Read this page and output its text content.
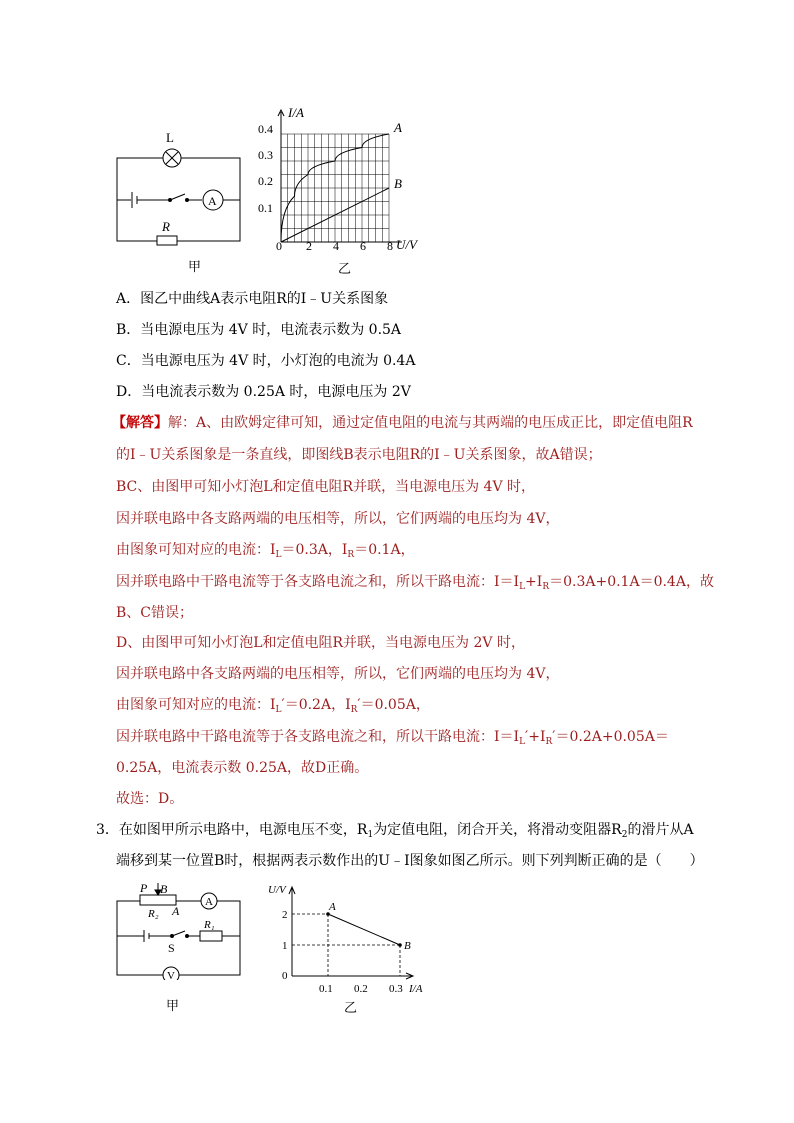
L
A
R
甲
I/A
U/V
0.4
0.3
0.2
0.1
0 2 4 6 8
A
B
乙
A．图乙中曲线A表示电阻R的I﹣U关系图象
B．当电源电压为 4V 时，电流表示数为 0.5A
C．当电源电压为 4V 时，小灯泡的电流为 0.4A
D．当电流表示数为 0.25A 时，电源电压为 2V
【解答】解：A、由欧姆定律可知，通过定值电阻的电流与其两端的电压成正比，即定值电阻R
的I﹣U关系图象是一条直线，即图线B表示电阻R的I﹣U关系图象，故A错误；
BC、由图甲可知小灯泡L和定值电阻R并联，当电源电压为 4V 时，
因并联电路中各支路两端的电压相等，所以，它们两端的电压均为 4V，
由图象可知对应的电流：$I_L=0.3A$，$I_R=0.1A$，
因并联电路中干路电流等于各支路电流之和，所以干路电流：$I=I_L+I_R=0.3A+0.1A=0.4A$，故
B、C错误；
D、由图甲可知小灯泡L和定值电阻R并联，当电源电压为 2V 时，
因并联电路中各支路两端的电压相等，所以，它们两端的电压均为 4V，
由图象可知对应的电流：$I_L'=0.2A$，$I_R'=0.05A$，
因并联电路中干路电流等于各支路电流之和，所以干路电流：$I=I_L'+I_R'=0.2A+0.05A=$
0.25A，电流表示数 0.25A，故D正确。
故选：D。
3．在如图甲所示电路中，电源电压不变，$R_1$为定值电阻，闭合开关，将滑动变阻器$R_2$的滑片从A
端移到某一位置B时，根据两表示数作出的U﹣I图象如图乙所示。则下列判断正确的是（　　）
P B
A
R₂
A
S
R₁
V
甲
U/V
I/A
2
1
0
0.1 0.2 0.3
A
B
乙
